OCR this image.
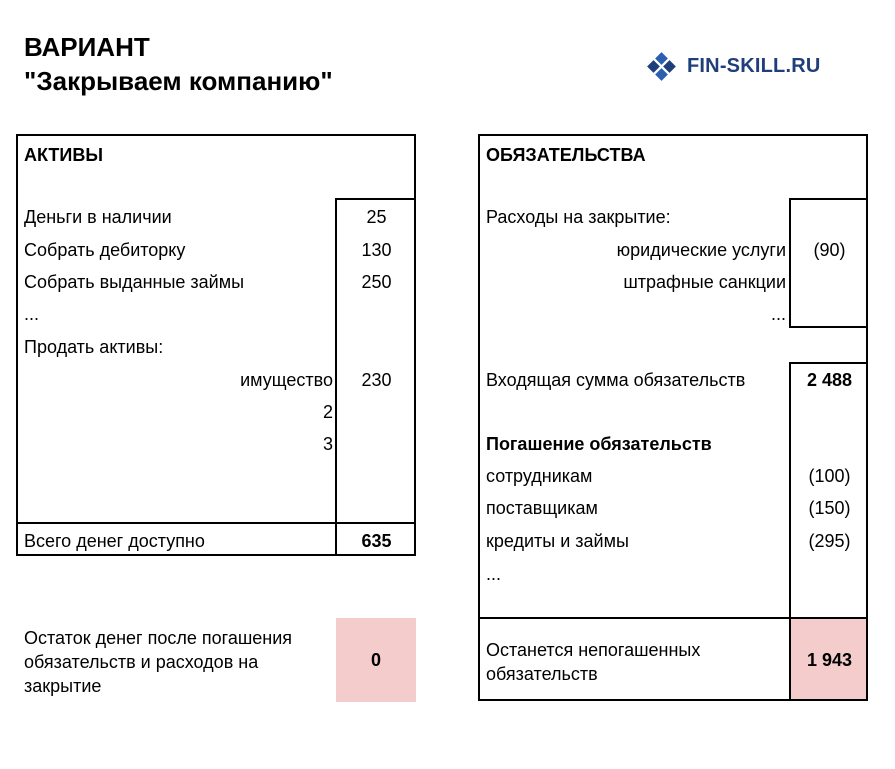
ВАРИАНТ
"Закрываем компанию"
FIN-SKILL.RU
АКТИВЫ
Деньги в наличии	25
Собрать дебиторку	130
Собрать выданные займы	250
...
Продать активы:
имущество	230
2
3
Всего денег доступно	635
Остаток денег после погашения
обязательств и расходов на
закрытие
0
ОБЯЗАТЕЛЬСТВА
Расходы на закрытие:
юридические услуги	(90)
штрафные санкции
...
Входящая сумма обязательств	2 488
Погашение обязательств
сотрудникам	(100)
поставщикам	(150)
кредиты и займы	(295)
...
Останется непогашенных
обязательств
1 943
